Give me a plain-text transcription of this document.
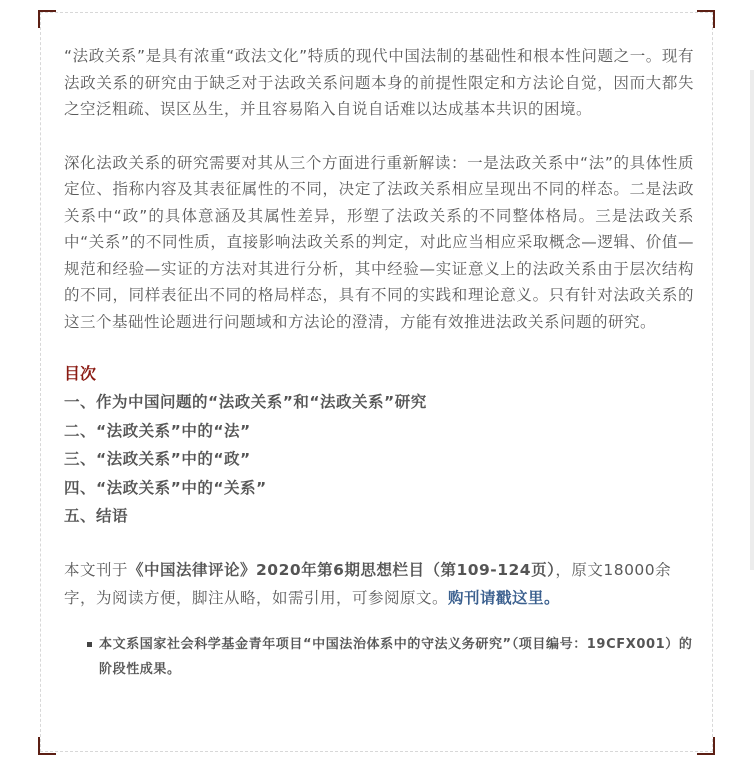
“法政关系”是具有浓重“政法文化”特质的现代中国法制的基础性和根本性问题之一。现有法政关系的研究由于缺乏对于法政关系问题本身的前提性限定和方法论自觉，因而大都失之空泛粗疏、误区丛生，并且容易陷入自说自话难以达成基本共识的困境。

深化法政关系的研究需要对其从三个方面进行重新解读：一是法政关系中“法”的具体性质定位、指称内容及其表征属性的不同，决定了法政关系相应呈现出不同的样态。二是法政关系中“政”的具体意涵及其属性差异，形塑了法政关系的不同整体格局。三是法政关系中“关系”的不同性质，直接影响法政关系的判定，对此应当相应采取概念—逻辑、价值—规范和经验—实证的方法对其进行分析，其中经验—实证意义上的法政关系由于层次结构的不同，同样表征出不同的格局样态，具有不同的实践和理论意义。只有针对法政关系的这三个基础性论题进行问题域和方法论的澄清，方能有效推进法政关系问题的研究。

目次
一、作为中国问题的“法政关系”和“法政关系”研究
二、“法政关系”中的“法”
三、“法政关系”中的“政”
四、“法政关系”中的“关系”
五、结语

本文刊于《中国法律评论》2020年第6期思想栏目（第109-124页），原文18000余字，为阅读方便，脚注从略，如需引用，可参阅原文。购刊请戳这里。

本文系国家社会科学基金青年项目“中国法治体系中的守法义务研究”（项目编号：19CFX001）的阶段性成果。
